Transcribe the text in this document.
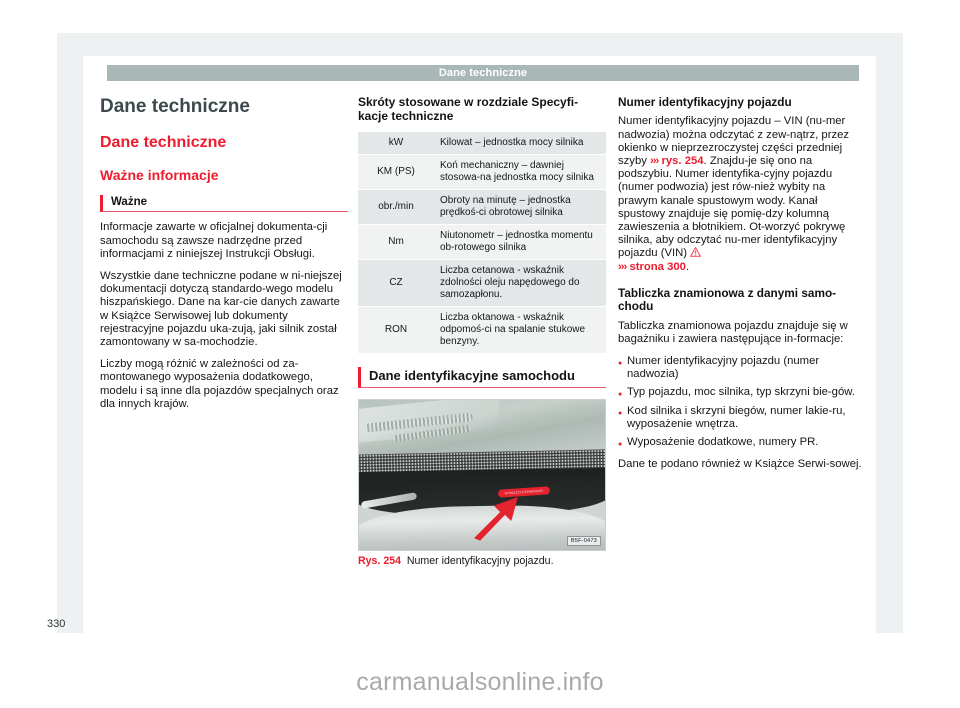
Dane techniczne
Dane techniczne
Dane techniczne
Ważne informacje
Ważne

Informacje zawarte w oficjalnej dokumenta-cji samochodu są zawsze nadrzędne przed informacjami z niniejszej Instrukcji Obsługi.

Wszystkie dane techniczne podane w ni-niejszej dokumentacji dotyczą standardo-wego modelu hiszpańskiego. Dane na kar-cie danych zawarte w Książce Serwisowej lub dokumenty rejestracyjne pojazdu uka-zują, jaki silnik został zamontowany w sa-mochodzie.

Liczby mogą różnić w zależności od za-montowanego wyposażenia dodatkowego, modelu i są inne dla pojazdów specjalnych oraz dla innych krajów.

Skróty stosowane w rozdziale Specyfi-kacje techniczne
kW	Kilowat – jednostka mocy silnika
KM (PS)	Koń mechaniczny – dawniej stosowa-na jednostka mocy silnika
obr./min	Obroty na minutę – jednostka prędkoś-ci obrotowej silnika
Nm	Niutonometr – jednostka momentu ob-rotowego silnika
CZ	Liczba cetanowa - wskaźnik zdolności oleju napędowego do samozapłonu.
RON	Liczba oktanowa - wskaźnik odpomoś-ci na spalanie stukowe benzyny.
Dane identyfikacyjne samochodu
WVWZZZ1KZ9W000000
B5F-0473
Rys. 254 Numer identyfikacyjny pojazdu.
Numer identyfikacyjny pojazdu

Numer identyfikacyjny pojazdu – VIN (nu-mer nadwozia) można odczytać z zew-nątrz, przez okienko w nieprzezroczystej części przedniej szyby ››› rys. 254. Znajdu-je się ono na podszybiu. Numer identyfika-cyjny pojazdu (numer podwozia) jest rów-nież wybity na prawym kanale spustowym wody. Kanał spustowy znajduje się pomię-dzy kolumną zawieszenia a błotnikiem. Ot-worzyć pokrywę silnika, aby odczytać nu-mer identyfikacyjny pojazdu (VIN)
››› strona 300.

Tabliczka znamionowa z danymi samo-chodu

Tabliczka znamionowa pojazdu znajduje się w bagażniku i zawiera następujące in-formacje:

● Numer identyfikacyjny pojazdu (numer nadwozia)
● Typ pojazdu, moc silnika, typ skrzyni bie-gów.
● Kod silnika i skrzyni biegów, numer lakie-ru, wyposażenie wnętrza.
● Wyposażenie dodatkowe, numery PR.

Dane te podano również w Książce Serwi-sowej.

330
carmanualsonline.info
